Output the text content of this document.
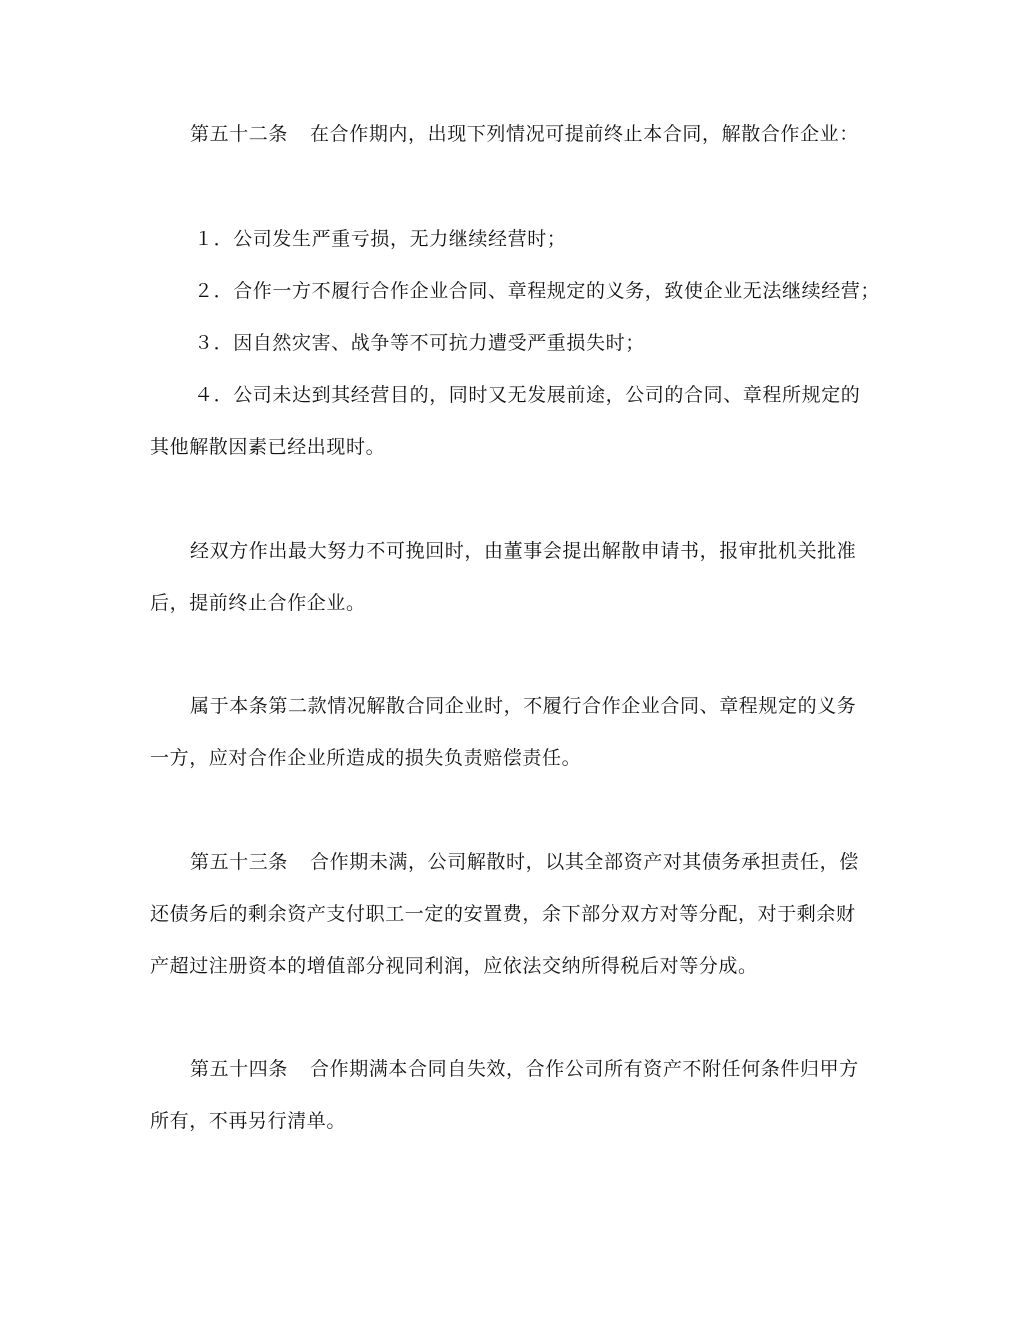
第五十二条 在合作期内，出现下列情况可提前终止本合同，解散合作企业：
１．公司发生严重亏损，无力继续经营时；
２．合作一方不履行合作企业合同、章程规定的义务，致使企业无法继续经营；
３．因自然灾害、战争等不可抗力遭受严重损失时；
４．公司未达到其经营目的，同时又无发展前途，公司的合同、章程所规定的
其他解散因素已经出现时。
经双方作出最大努力不可挽回时，由董事会提出解散申请书，报审批机关批准
后，提前终止合作企业。
属于本条第二款情况解散合同企业时，不履行合作企业合同、章程规定的义务
一方，应对合作企业所造成的损失负责赔偿责任。
第五十三条 合作期未满，公司解散时，以其全部资产对其债务承担责任，偿
还债务后的剩余资产支付职工一定的安置费，余下部分双方对等分配，对于剩余财
产超过注册资本的增值部分视同利润，应依法交纳所得税后对等分成。
第五十四条 合作期满本合同自失效，合作公司所有资产不附任何条件归甲方
所有，不再另行清单。
